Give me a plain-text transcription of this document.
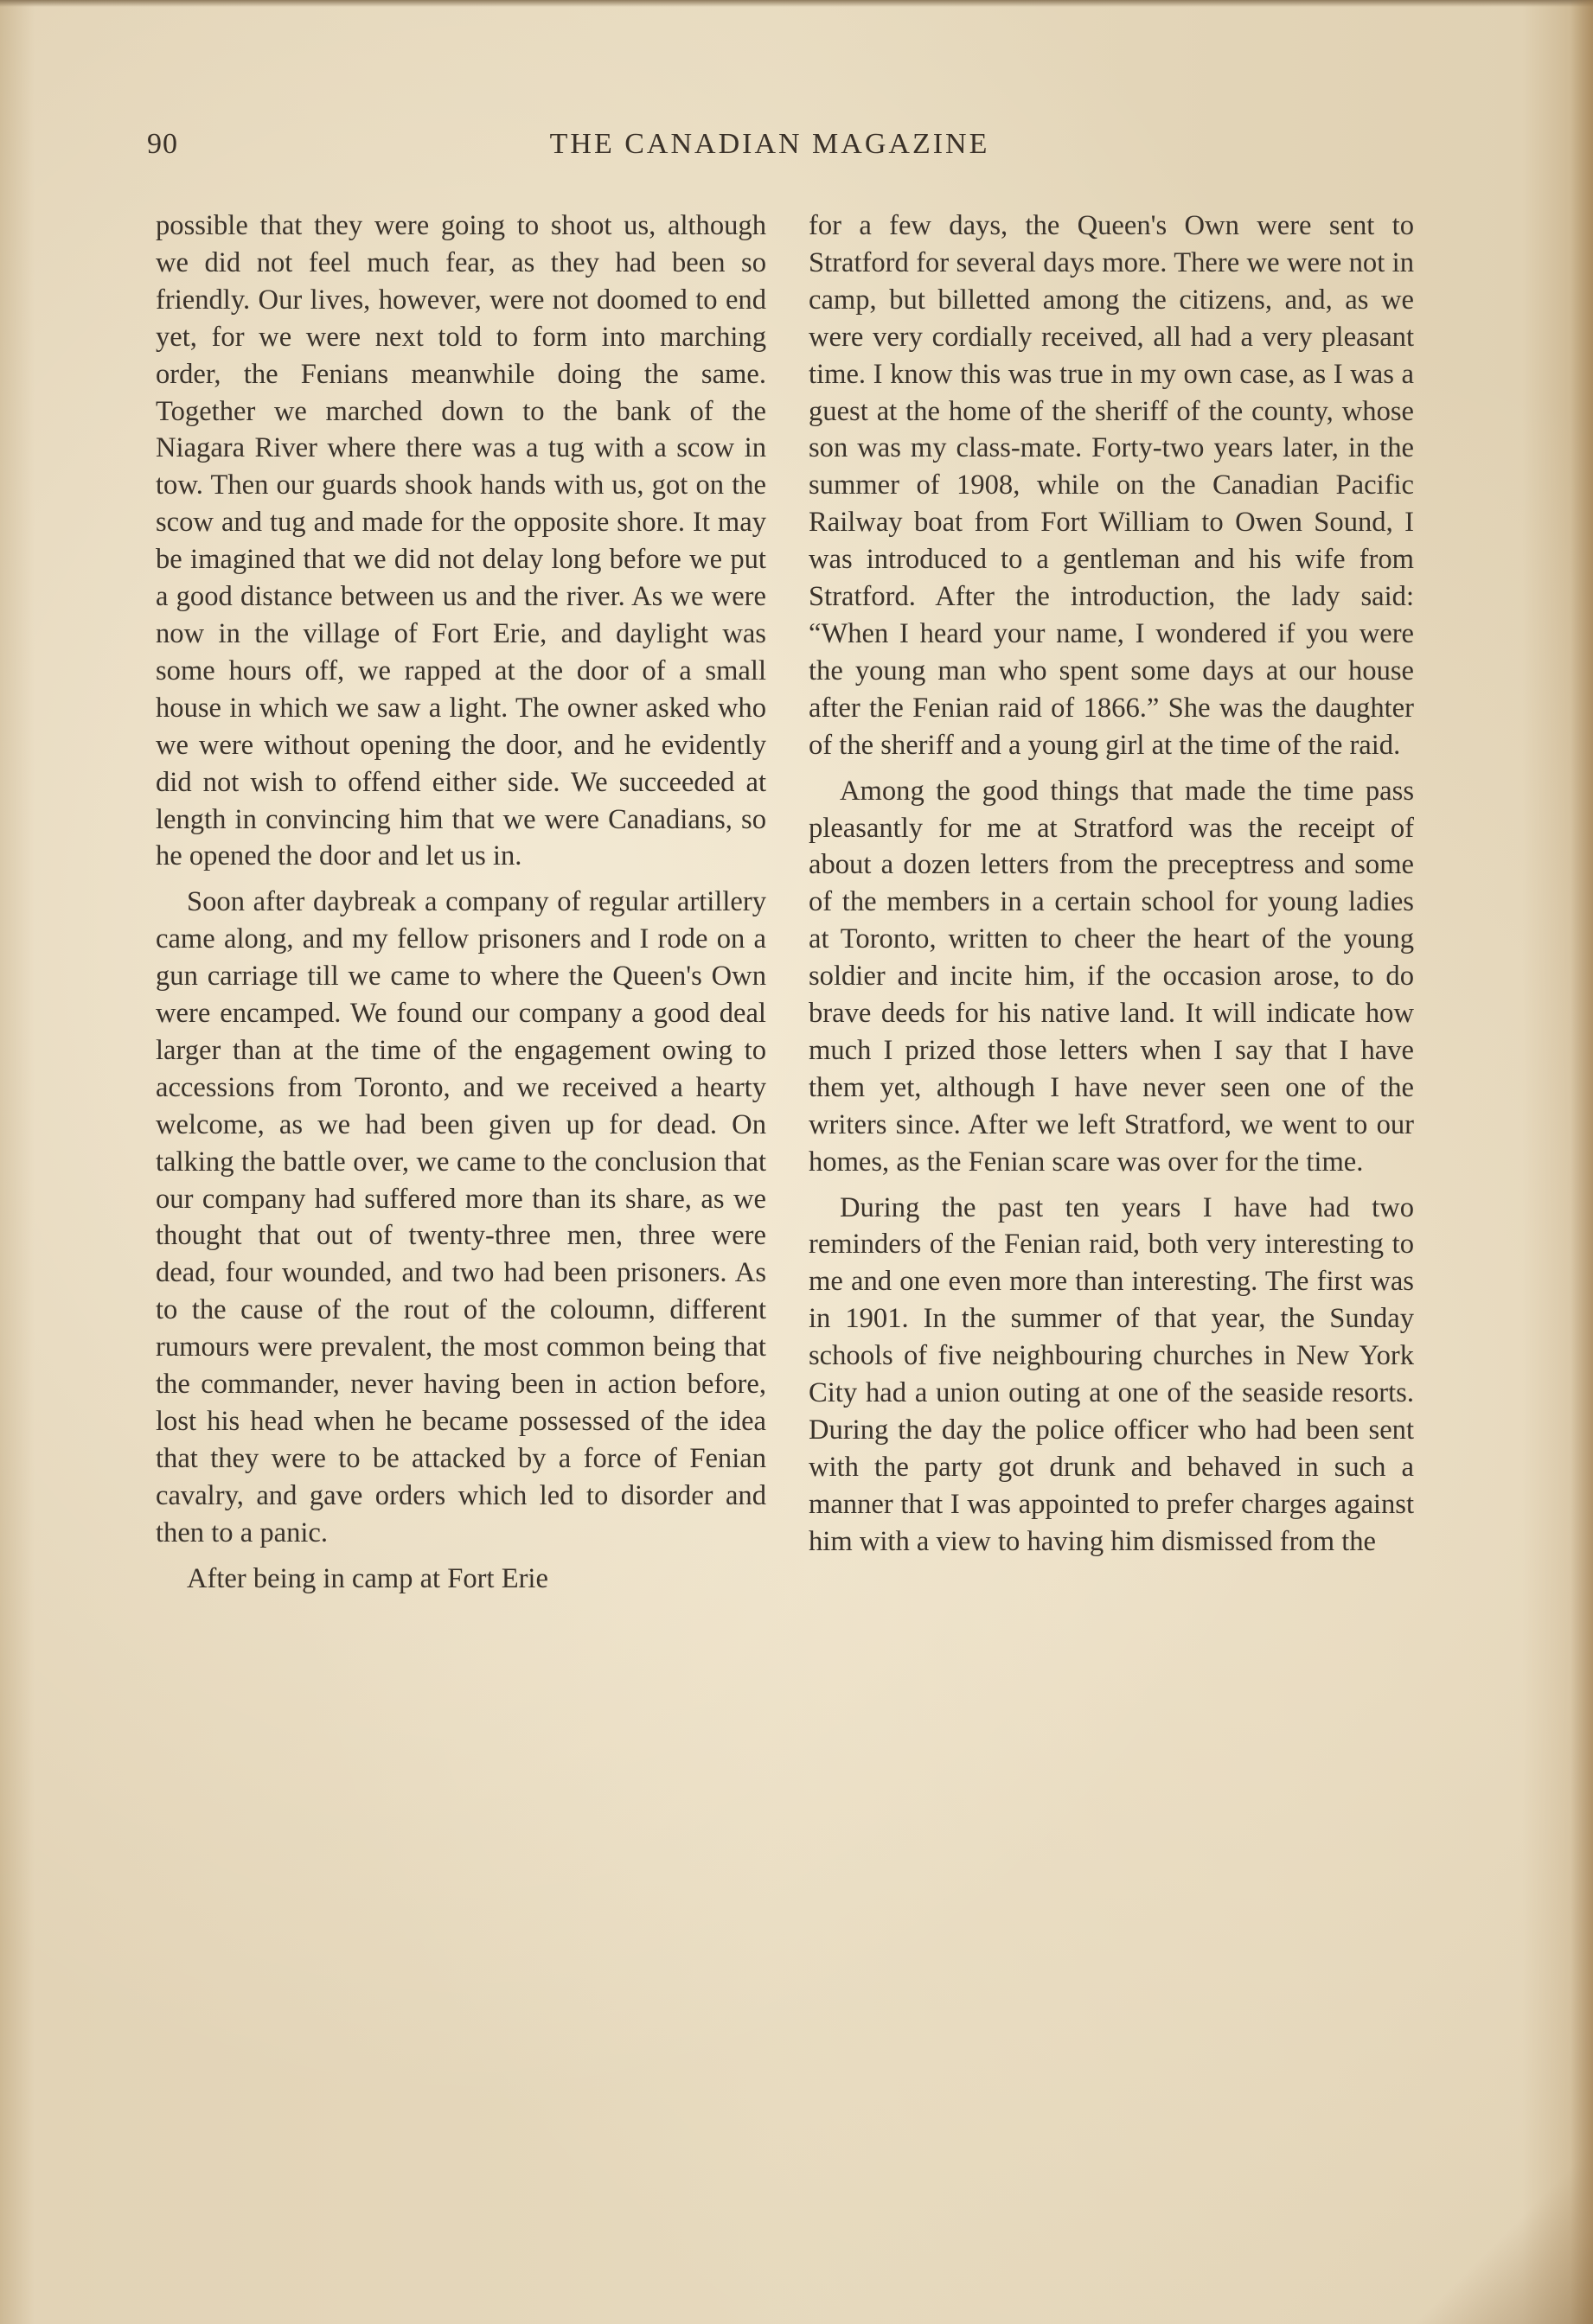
90	THE CANADIAN MAGAZINE

possible that they were going to shoot us, although we did not feel much fear, as they had been so friendly. Our lives, however, were not doomed to end yet, for we were next told to form into marching order, the Fenians meanwhile doing the same. Together we marched down to the bank of the Niagara River where there was a tug with a scow in tow. Then our guards shook hands with us, got on the scow and tug and made for the opposite shore. It may be imagined that we did not delay long before we put a good distance between us and the river. As we were now in the village of Fort Erie, and daylight was some hours off, we rapped at the door of a small house in which we saw a light. The owner asked who we were without opening the door, and he evidently did not wish to offend either side. We succeeded at length in convincing him that we were Canadians, so he opened the door and let us in.

Soon after daybreak a company of regular artillery came along, and my fellow prisoners and I rode on a gun carriage till we came to where the Queen's Own were encamped. We found our company a good deal larger than at the time of the engagement owing to accessions from Toronto, and we received a hearty welcome, as we had been given up for dead. On talking the battle over, we came to the conclusion that our company had suffered more than its share, as we thought that out of twenty-three men, three were dead, four wounded, and two had been prisoners. As to the cause of the rout of the coloumn, different rumours were prevalent, the most common being that the commander, never having been in action before, lost his head when he became possessed of the idea that they were to be attacked by a force of Fenian cavalry, and gave orders which led to disorder and then to a panic.

After being in camp at Fort Erie

for a few days, the Queen's Own were sent to Stratford for several days more. There we were not in camp, but billetted among the citizens, and, as we were very cordially received, all had a very pleasant time. I know this was true in my own case, as I was a guest at the home of the sheriff of the county, whose son was my class-mate. Forty-two years later, in the summer of 1908, while on the Canadian Pacific Railway boat from Fort William to Owen Sound, I was introduced to a gentleman and his wife from Stratford. After the introduction, the lady said: “When I heard your name, I wondered if you were the young man who spent some days at our house after the Fenian raid of 1866.” She was the daughter of the sheriff and a young girl at the time of the raid.

Among the good things that made the time pass pleasantly for me at Stratford was the receipt of about a dozen letters from the preceptress and some of the members in a certain school for young ladies at Toronto, written to cheer the heart of the young soldier and incite him, if the occasion arose, to do brave deeds for his native land. It will indicate how much I prized those letters when I say that I have them yet, although I have never seen one of the writers since. After we left Stratford, we went to our homes, as the Fenian scare was over for the time.

During the past ten years I have had two reminders of the Fenian raid, both very interesting to me and one even more than interesting. The first was in 1901. In the summer of that year, the Sunday schools of five neighbouring churches in New York City had a union outing at one of the seaside resorts. During the day the police officer who had been sent with the party got drunk and behaved in such a manner that I was appointed to prefer charges against him with a view to having him dismissed from the
